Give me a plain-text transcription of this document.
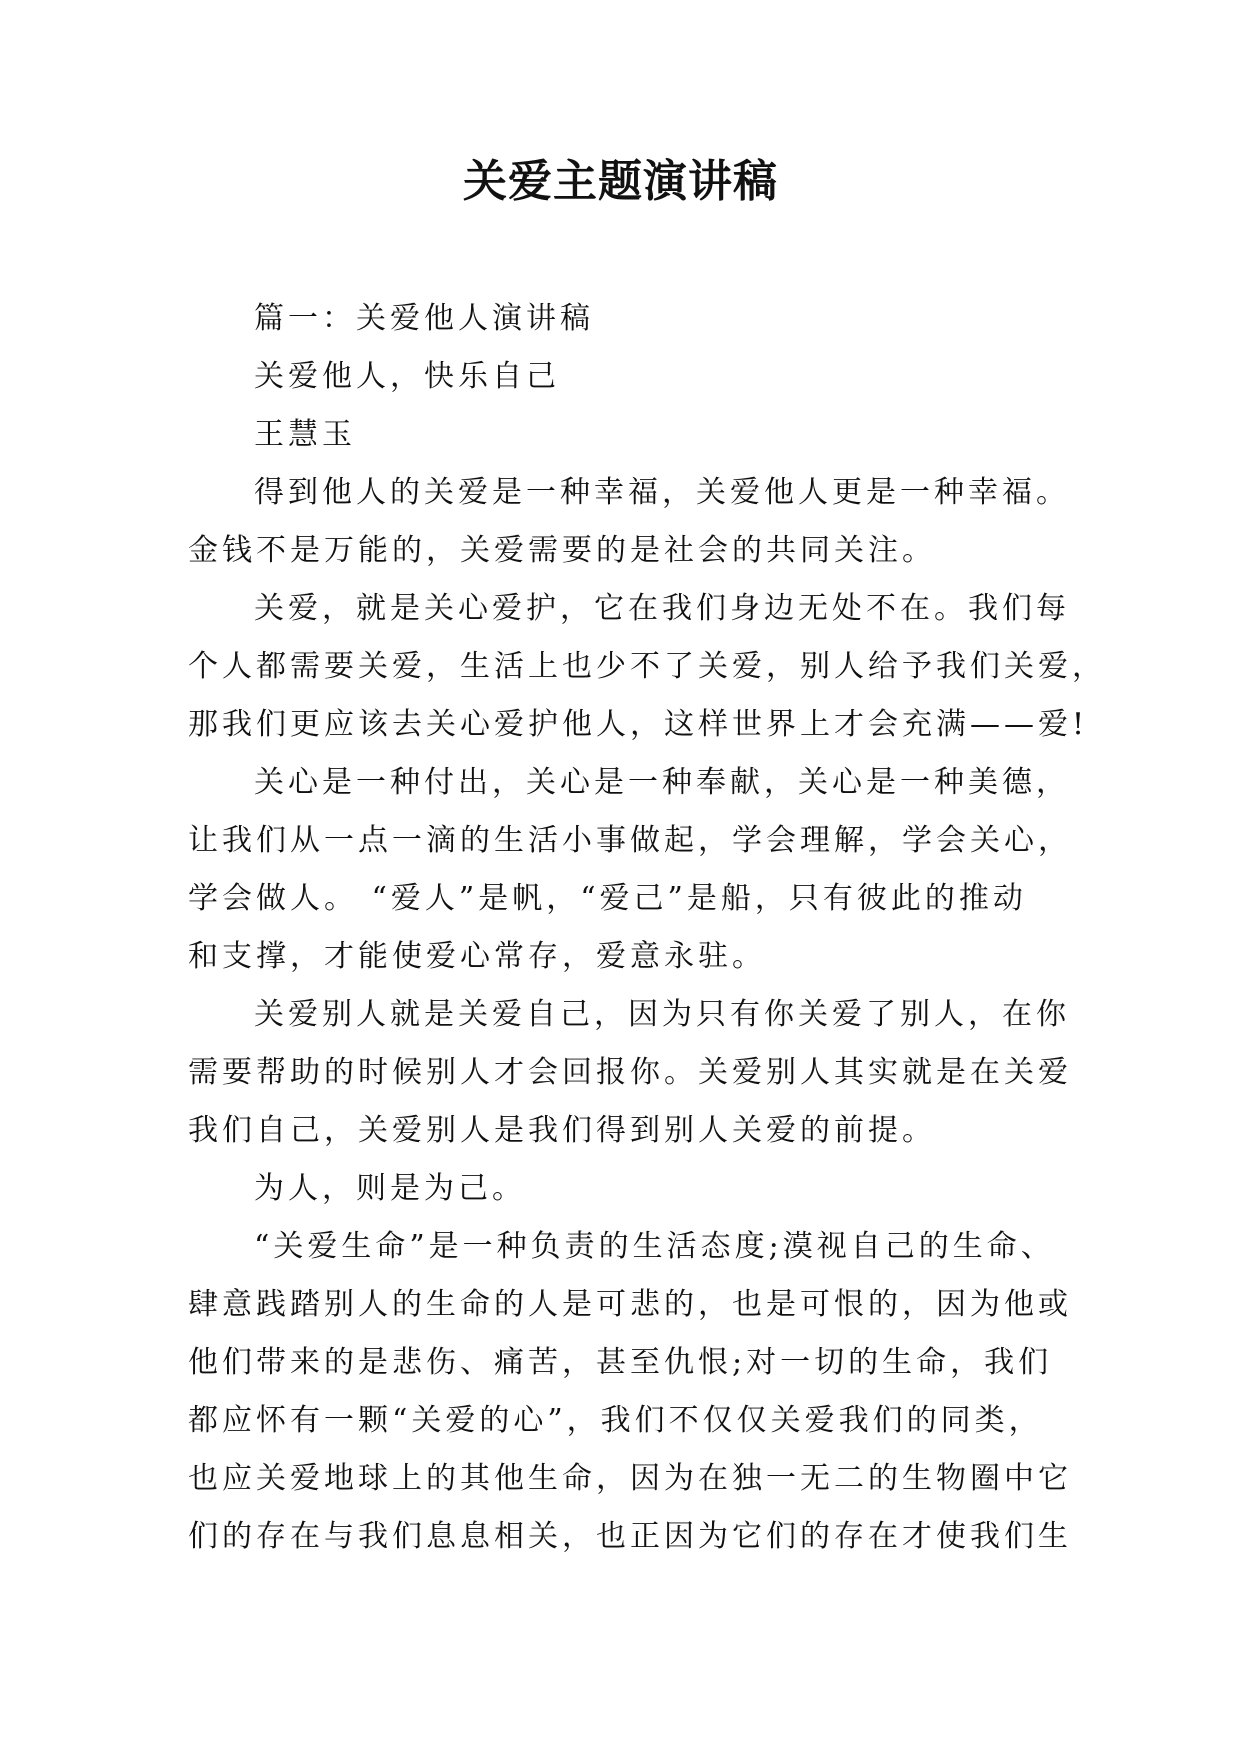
关爱主题演讲稿
篇一：关爱他人演讲稿
关爱他人，快乐自己
王慧玉
得到他人的关爱是一种幸福，关爱他人更是一种幸福。
金钱不是万能的，关爱需要的是社会的共同关注。
关爱，就是关心爱护，它在我们身边无处不在。我们每
个人都需要关爱，生活上也少不了关爱，别人给予我们关爱，
那我们更应该去关心爱护他人，这样世界上才会充满——爱!
关心是一种付出，关心是一种奉献，关心是一种美德，
让我们从一点一滴的生活小事做起，学会理解，学会关心，
学会做人。 “爱人”是帆，“爱己”是船，只有彼此的推动
和支撑，才能使爱心常存，爱意永驻。
关爱别人就是关爱自己，因为只有你关爱了别人，在你
需要帮助的时候别人才会回报你。关爱别人其实就是在关爱
我们自己，关爱别人是我们得到别人关爱的前提。
为人，则是为己。
“关爱生命”是一种负责的生活态度;漠视自己的生命、
肆意践踏别人的生命的人是可悲的，也是可恨的，因为他或
他们带来的是悲伤、痛苦，甚至仇恨;对一切的生命，我们
都应怀有一颗“关爱的心”，我们不仅仅关爱我们的同类，
也应关爱地球上的其他生命，因为在独一无二的生物圈中它
们的存在与我们息息相关，也正因为它们的存在才使我们生
